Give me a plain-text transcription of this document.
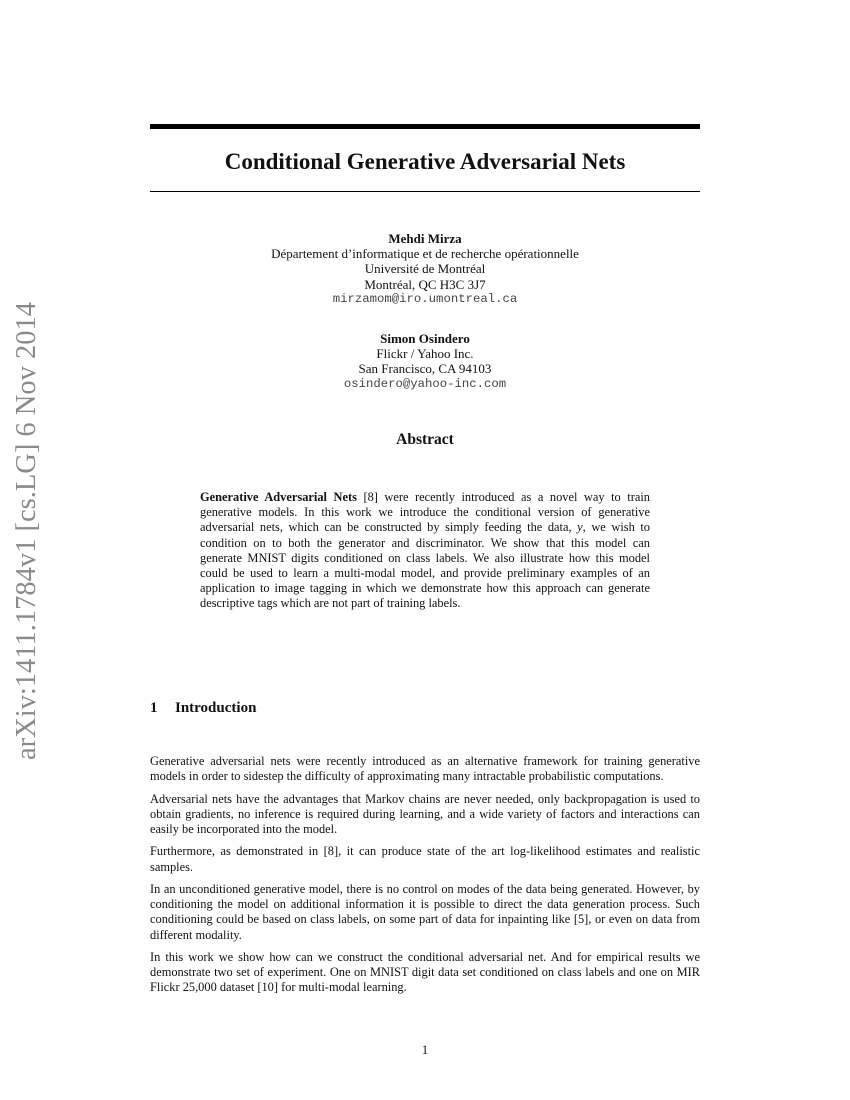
arXiv:1411.1784v1 [cs.LG] 6 Nov 2014
Conditional Generative Adversarial Nets
Mehdi Mirza
Département d’informatique et de recherche opérationnelle
Université de Montréal
Montréal, QC H3C 3J7
mirzamom@iro.umontreal.ca
Simon Osindero
Flickr / Yahoo Inc.
San Francisco, CA 94103
osindero@yahoo-inc.com
Abstract
Generative Adversarial Nets [8] were recently introduced as a novel way to train generative models. In this work we introduce the conditional version of generative adversarial nets, which can be constructed by simply feeding the data, y, we wish to condition on to both the generator and discriminator. We show that this model can generate MNIST digits conditioned on class labels. We also illustrate how this model could be used to learn a multi-modal model, and provide preliminary examples of an application to image tagging in which we demonstrate how this approach can generate descriptive tags which are not part of training labels.
1 Introduction

Generative adversarial nets were recently introduced as an alternative framework for training generative models in order to sidestep the difficulty of approximating many intractable probabilistic computations.

Adversarial nets have the advantages that Markov chains are never needed, only backpropagation is used to obtain gradients, no inference is required during learning, and a wide variety of factors and interactions can easily be incorporated into the model.

Furthermore, as demonstrated in [8], it can produce state of the art log-likelihood estimates and realistic samples.

In an unconditioned generative model, there is no control on modes of the data being generated. However, by conditioning the model on additional information it is possible to direct the data generation process. Such conditioning could be based on class labels, on some part of data for inpainting like [5], or even on data from different modality.

In this work we show how can we construct the conditional adversarial net. And for empirical results we demonstrate two set of experiment. One on MNIST digit data set conditioned on class labels and one on MIR Flickr 25,000 dataset [10] for multi-modal learning.

1
